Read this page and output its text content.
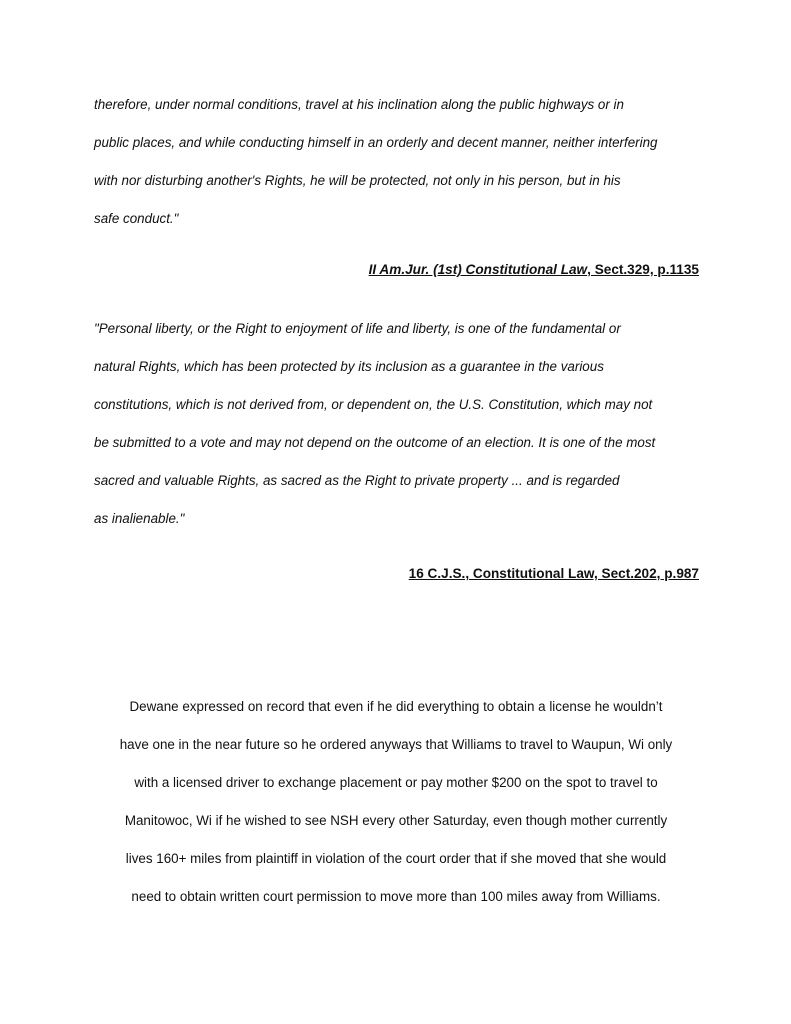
therefore, under normal conditions, travel at his inclination along the public highways or in
public places, and while conducting himself in an orderly and decent manner, neither interfering
with nor disturbing another's Rights, he will be protected, not only in his person, but in his
safe conduct."
II Am.Jur. (1st) Constitutional Law, Sect.329, p.1135
"Personal liberty, or the Right to enjoyment of life and liberty, is one of the fundamental or
natural Rights, which has been protected by its inclusion as a guarantee in the various
constitutions, which is not derived from, or dependent on, the U.S. Constitution, which may not
be submitted to a vote and may not depend on the outcome of an election. It is one of the most
sacred and valuable Rights, as sacred as the Right to private property ... and is regarded
as inalienable."
16 C.J.S., Constitutional Law, Sect.202, p.987
Dewane expressed on record that even if he did everything to obtain a license he wouldn’t
have one in the near future so he ordered anyways that Williams to travel to Waupun, Wi only
with a licensed driver to exchange placement or pay mother $200 on the spot to travel to
Manitowoc, Wi if he wished to see NSH every other Saturday, even though mother currently
lives 160+ miles from plaintiff in violation of the court order that if she moved that she would
need to obtain written court permission to move more than 100 miles away from Williams.
